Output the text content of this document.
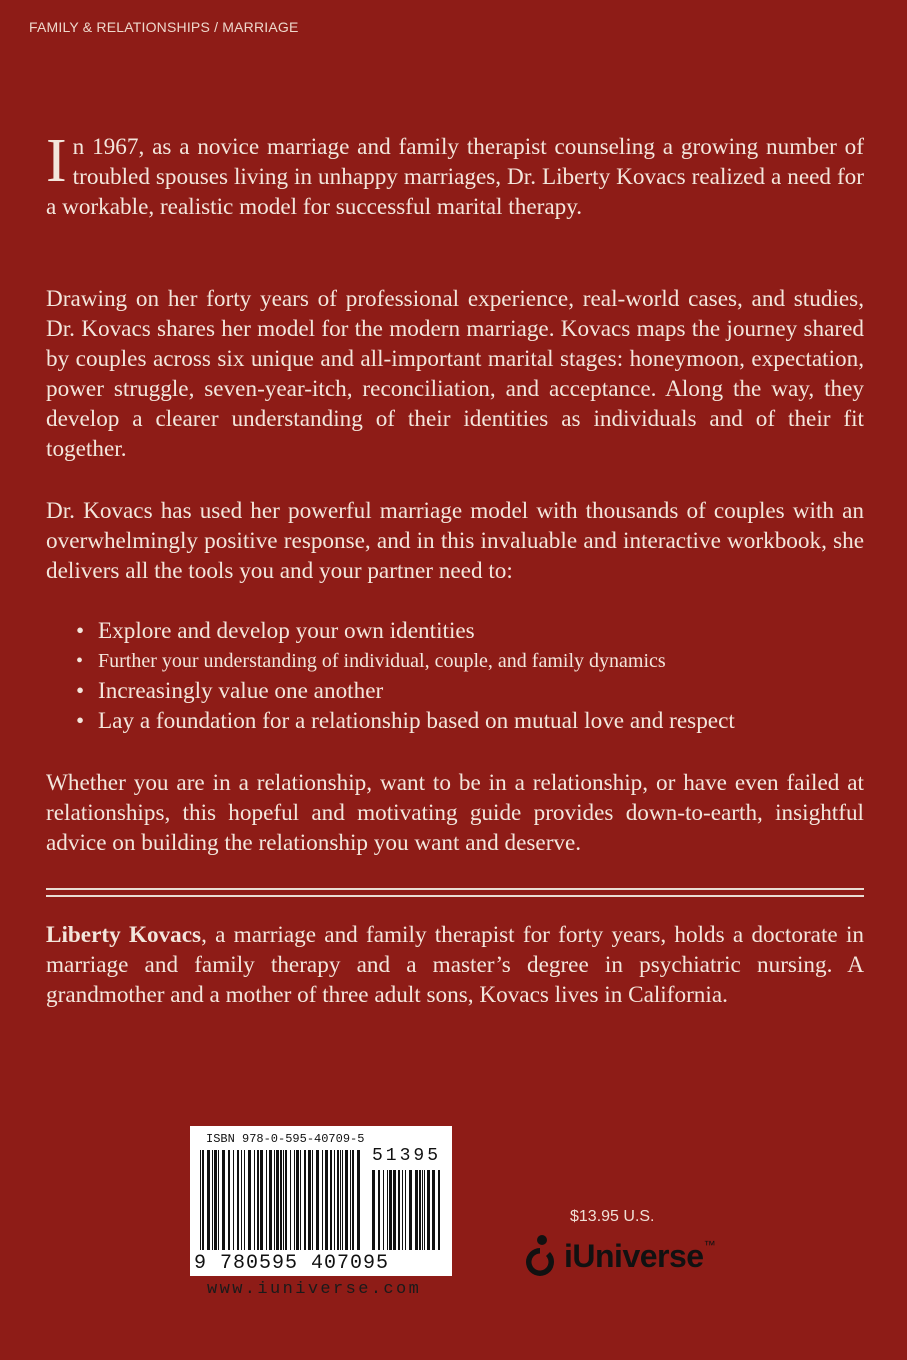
FAMILY & RELATIONSHIPS / MARRIAGE
In 1967, as a novice marriage and family therapist counseling a growing number of troubled spouses living in unhappy marriages, Dr. Liberty Kovacs realized a need for a workable, realistic model for successful marital therapy.
Drawing on her forty years of professional experience, real-world cases, and studies, Dr. Kovacs shares her model for the modern marriage. Kovacs maps the journey shared by couples across six unique and all-important marital stages: honeymoon, expectation, power struggle, seven-year-itch, reconciliation, and acceptance. Along the way, they develop a clearer understanding of their identities as individuals and of their fit together.
Dr. Kovacs has used her powerful marriage model with thousands of couples with an overwhelmingly positive response, and in this invaluable and interactive workbook, she delivers all the tools you and your partner need to:
• Explore and develop your own identities
• Further your understanding of individual, couple, and family dynamics
• Increasingly value one another
• Lay a foundation for a relationship based on mutual love and respect
Whether you are in a relationship, want to be in a relationship, or have even failed at relationships, this hopeful and motivating guide provides down-to-earth, insightful advice on building the relationship you want and deserve.
Liberty Kovacs, a marriage and family therapist for forty years, holds a doctorate in marriage and family therapy and a master’s degree in psychiatric nursing. A grandmother and a mother of three adult sons, Kovacs lives in California.
ISBN 978-0-595-40709-5
51395
9 780595 407095
www.iuniverse.com
$13.95 U.S.
iUniverse ™
